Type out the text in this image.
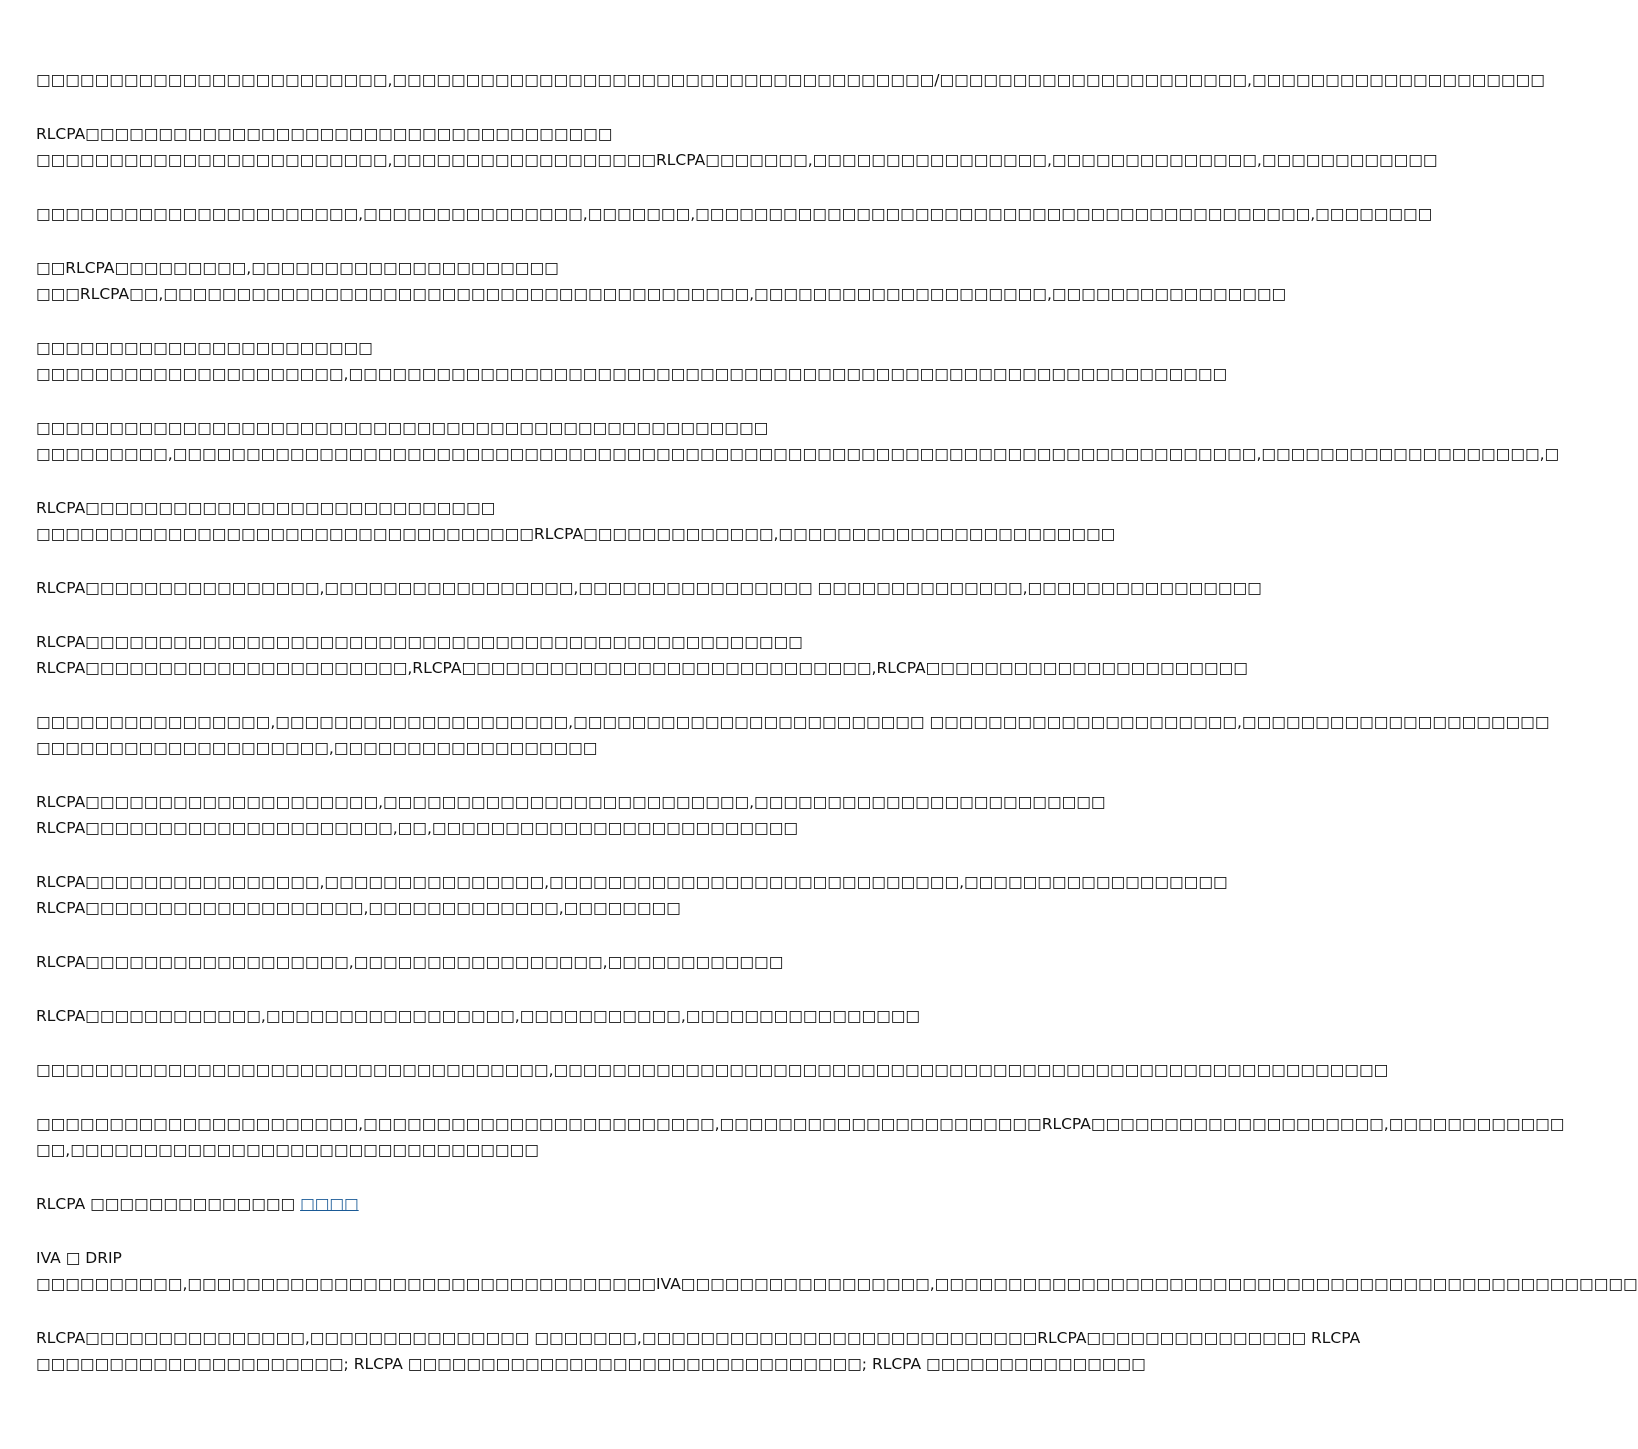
□□□□□□□□□□□□□□□□□□□□□□□□,□□□□□□□□□□□□□□□□□□□□□□□□□□□□□□□□□□□□□/□□□□□□□□□□□□□□□□□□□□□,□□□□□□□□□□□□□□□□□□□□

RLCPA□□□□□□□□□□□□□□□□□□□□□□□□□□□□□□□□□□□□
□□□□□□□□□□□□□□□□□□□□□□□□,□□□□□□□□□□□□□□□□□□RLCPA□□□□□□□,□□□□□□□□□□□□□□□□,□□□□□□□□□□□□□□,□□□□□□□□□□□□

□□□□□□□□□□□□□□□□□□□□□□,□□□□□□□□□□□□□□□,□□□□□□□,□□□□□□□□□□□□□□□□□□□□□□□□□□□□□□□□□□□□□□□□□□,□□□□□□□□

□□RLCPA□□□□□□□□□,□□□□□□□□□□□□□□□□□□□□□
□□□RLCPA□□,□□□□□□□□□□□□□□□□□□□□□□□□□□□□□□□□□□□□□□□□,□□□□□□□□□□□□□□□□□□□□,□□□□□□□□□□□□□□□□

□□□□□□□□□□□□□□□□□□□□□□□
□□□□□□□□□□□□□□□□□□□□□,□□□□□□□□□□□□□□□□□□□□□□□□□□□□□□□□□□□□□□□□□□□□□□□□□□□□□□□□□□□□

□□□□□□□□□□□□□□□□□□□□□□□□□□□□□□□□□□□□□□□□□□□□□□□□□□
□□□□□□□□□,□□□□□□□□□□□□□□□□□□□□□□□□□□□□□□□□□□□□□□□□□□□□□□□□□□□□□□□□□□□□□□□□□□□□□□□□□□,□□□□□□□□□□□□□□□□□□□,□

RLCPA□□□□□□□□□□□□□□□□□□□□□□□□□□□□
□□□□□□□□□□□□□□□□□□□□□□□□□□□□□□□□□□RLCPA□□□□□□□□□□□□□,□□□□□□□□□□□□□□□□□□□□□□□

RLCPA□□□□□□□□□□□□□□□□,□□□□□□□□□□□□□□□□□,□□□□□□□□□□□□□□□□ □□□□□□□□□□□□□□,□□□□□□□□□□□□□□□□

RLCPA□□□□□□□□□□□□□□□□□□□□□□□□□□□□□□□□□□□□□□□□□□□□□□□□□
RLCPA□□□□□□□□□□□□□□□□□□□□□□,RLCPA□□□□□□□□□□□□□□□□□□□□□□□□□□□□,RLCPA□□□□□□□□□□□□□□□□□□□□□□

□□□□□□□□□□□□□□□□,□□□□□□□□□□□□□□□□□□□□,□□□□□□□□□□□□□□□□□□□□□□□□ □□□□□□□□□□□□□□□□□□□□□,□□□□□□□□□□□□□□□□□□□□□
□□□□□□□□□□□□□□□□□□□□,□□□□□□□□□□□□□□□□□□

RLCPA□□□□□□□□□□□□□□□□□□□□,□□□□□□□□□□□□□□□□□□□□□□□□□,□□□□□□□□□□□□□□□□□□□□□□□□
RLCPA□□□□□□□□□□□□□□□□□□□□□,□□,□□□□□□□□□□□□□□□□□□□□□□□□□

RLCPA□□□□□□□□□□□□□□□□,□□□□□□□□□□□□□□□,□□□□□□□□□□□□□□□□□□□□□□□□□□□□,□□□□□□□□□□□□□□□□□□
RLCPA□□□□□□□□□□□□□□□□□□□,□□□□□□□□□□□□□,□□□□□□□□

RLCPA□□□□□□□□□□□□□□□□□□,□□□□□□□□□□□□□□□□□,□□□□□□□□□□□□

RLCPA□□□□□□□□□□□□,□□□□□□□□□□□□□□□□□,□□□□□□□□□□□,□□□□□□□□□□□□□□□□

□□□□□□□□□□□□□□□□□□□□□□□□□□□□□□□□□□□,□□□□□□□□□□□□□□□□□□□□□□□□□□□□□□□□□□□□□□□□□□□□□□□□□□□□□□□□□

□□□□□□□□□□□□□□□□□□□□□□,□□□□□□□□□□□□□□□□□□□□□□□□,□□□□□□□□□□□□□□□□□□□□□□RLCPA□□□□□□□□□□□□□□□□□□□□,□□□□□□□□□□□□
□□,□□□□□□□□□□□□□□□□□□□□□□□□□□□□□□□□

RLCPA □□□□□□□□□□□□□□ □□□□

IVA □ DRIP
□□□□□□□□□□,□□□□□□□□□□□□□□□□□□□□□□□□□□□□□□□□IVA□□□□□□□□□□□□□□□□□,□□□□□□□□□□□□□□□□□□□□□□□□□□□□□□□□□□□□□□□□□□□□□□□□

RLCPA□□□□□□□□□□□□□□□,□□□□□□□□□□□□□□□ □□□□□□□,□□□□□□□□□□□□□□□□□□□□□□□□□□□RLCPA□□□□□□□□□□□□□□□ RLCPA
□□□□□□□□□□□□□□□□□□□□□; RLCPA □□□□□□□□□□□□□□□□□□□□□□□□□□□□□□□; RLCPA □□□□□□□□□□□□□□□
